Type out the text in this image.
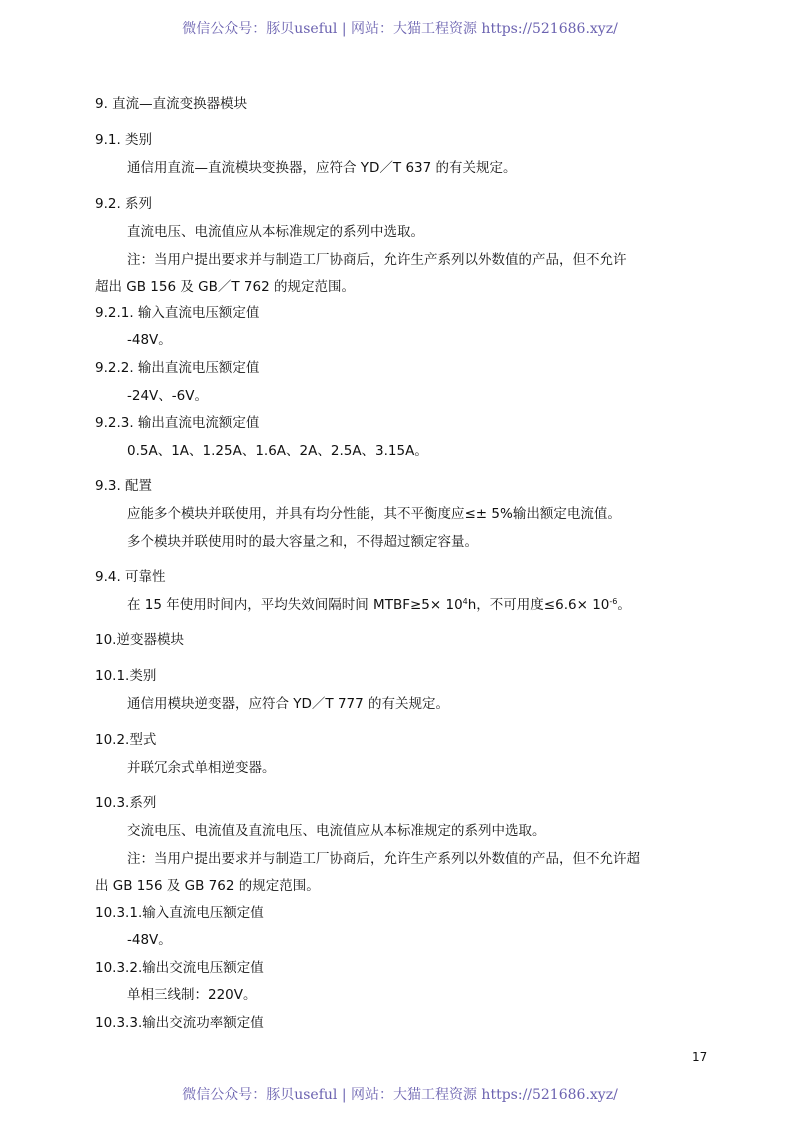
微信公众号：豚贝useful | 网站：大猫工程资源 https://521686.xyz/
9. 直流—直流变换器模块
9.1. 类别
通信用直流—直流模块变换器，应符合 YD／T 637 的有关规定。
9.2. 系列
直流电压、电流值应从本标准规定的系列中选取。
注：当用户提出要求并与制造工厂协商后，允许生产系列以外数值的产品，但不允许
超出 GB 156 及 GB／T 762 的规定范围。
9.2.1. 输入直流电压额定值
-48V。
9.2.2. 输出直流电压额定值
-24V、-6V。
9.2.3. 输出直流电流额定值
0.5A、1A、1.25A、1.6A、2A、2.5A、3.15A。
9.3. 配置
应能多个模块并联使用，并具有均分性能，其不平衡度应≤± 5%输出额定电流值。
多个模块并联使用时的最大容量之和，不得超过额定容量。
9.4. 可靠性
10.逆变器模块
10.1.类别
通信用模块逆变器，应符合 YD／T 777 的有关规定。
10.2.型式
并联冗余式单相逆变器。
10.3.系列
交流电压、电流值及直流电压、电流值应从本标准规定的系列中选取。
注：当用户提出要求并与制造工厂协商后，允许生产系列以外数值的产品，但不允许超
出 GB 156 及 GB 762 的规定范围。
10.3.1.输入直流电压额定值
-48V。
10.3.2.输出交流电压额定值
单相三线制：220V。
10.3.3.输出交流功率额定值
在 15 年使用时间内，平均失效间隔时间 MTBF≥5× $10^4h$，不可用度$\le 6.6\times 10^{-6}$。
17
微信公众号：豚贝useful | 网站：大猫工程资源 https://521686.xyz/
